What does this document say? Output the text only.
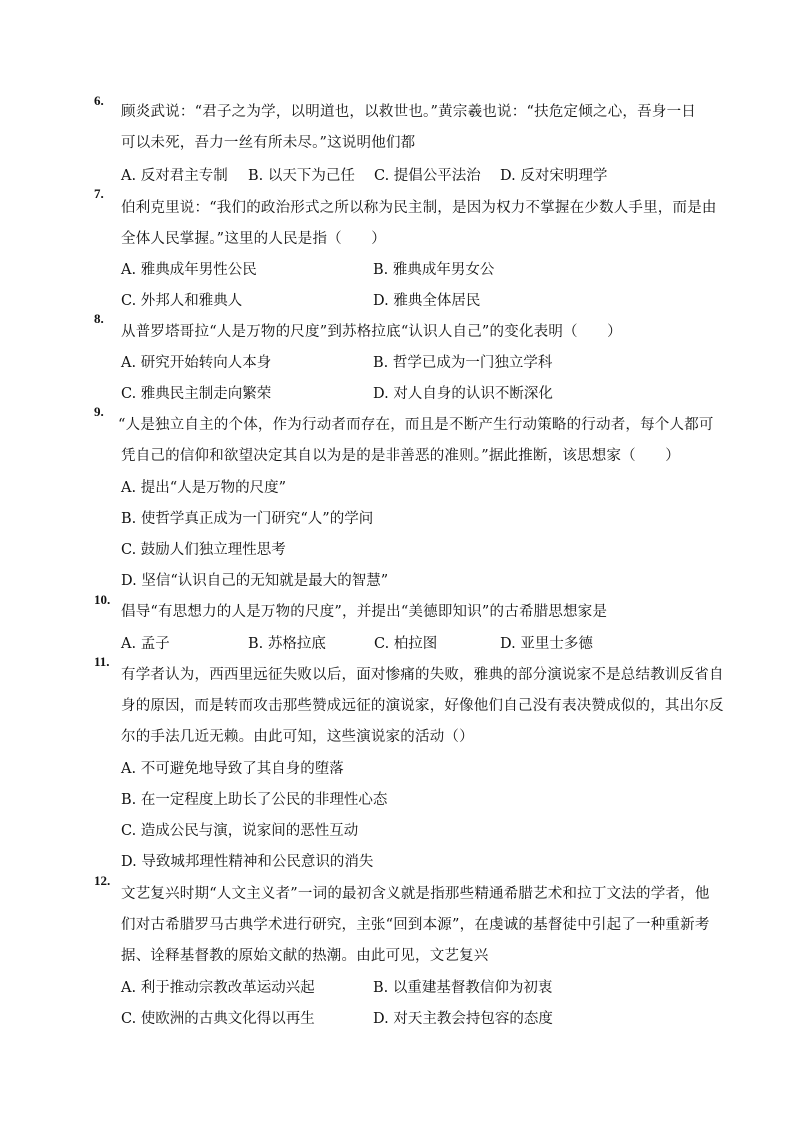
6.
顾炎武说：“君子之为学，以明道也，以救世也。”黄宗羲也说：“扶危定倾之心，吾身一日
可以未死，吾力一丝有所未尽。”这说明他们都
A. 反对君主专制 B. 以天下为己任 C. 提倡公平法治 D. 反对宋明理学
7.
伯利克里说：“我们的政治形式之所以称为民主制，是因为权力不掌握在少数人手里，而是由
全体人民掌握。”这里的人民是指（　　）
A. 雅典成年男性公民	B. 雅典成年男女公
C. 外邦人和雅典人	D. 雅典全体居民
8.
从普罗塔哥拉“人是万物的尺度”到苏格拉底“认识人自己”的变化表明（　　）
A. 研究开始转向人本身	B. 哲学已成为一门独立学科
C. 雅典民主制走向繁荣	D. 对人自身的认识不断深化
9.
“人是独立自主的个体，作为行动者而存在，而且是不断产生行动策略的行动者，每个人都可
凭自己的信仰和欲望决定其自以为是的是非善恶的准则。”据此推断，该思想家（　　）
A. 提出“人是万物的尺度”
B. 使哲学真正成为一门研究“人”的学问
C. 鼓励人们独立理性思考
D. 坚信“认识自己的无知就是最大的智慧”
10.
倡导“有思想力的人是万物的尺度”，并提出“美德即知识”的古希腊思想家是
A. 孟子	B. 苏格拉底	C. 柏拉图	D. 亚里士多德
11.
有学者认为，西西里远征失败以后，面对惨痛的失败，雅典的部分演说家不是总结教训反省自
身的原因，而是转而攻击那些赞成远征的演说家，好像他们自己没有表决赞成似的，其出尔反
尔的手法几近无赖。由此可知，这些演说家的活动（）
A. 不可避免地导致了其自身的堕落
B. 在一定程度上助长了公民的非理性心态
C. 造成公民与演，说家间的恶性互动
D. 导致城邦理性精神和公民意识的消失
12.
文艺复兴时期“人文主义者”一词的最初含义就是指那些精通希腊艺术和拉丁文法的学者，他
们对古希腊罗马古典学术进行研究，主张“回到本源”，在虔诚的基督徒中引起了一种重新考
据、诠释基督教的原始文献的热潮。由此可见，文艺复兴
A. 利于推动宗教改革运动兴起	B. 以重建基督教信仰为初衷
C. 使欧洲的古典文化得以再生	D. 对天主教会持包容的态度
